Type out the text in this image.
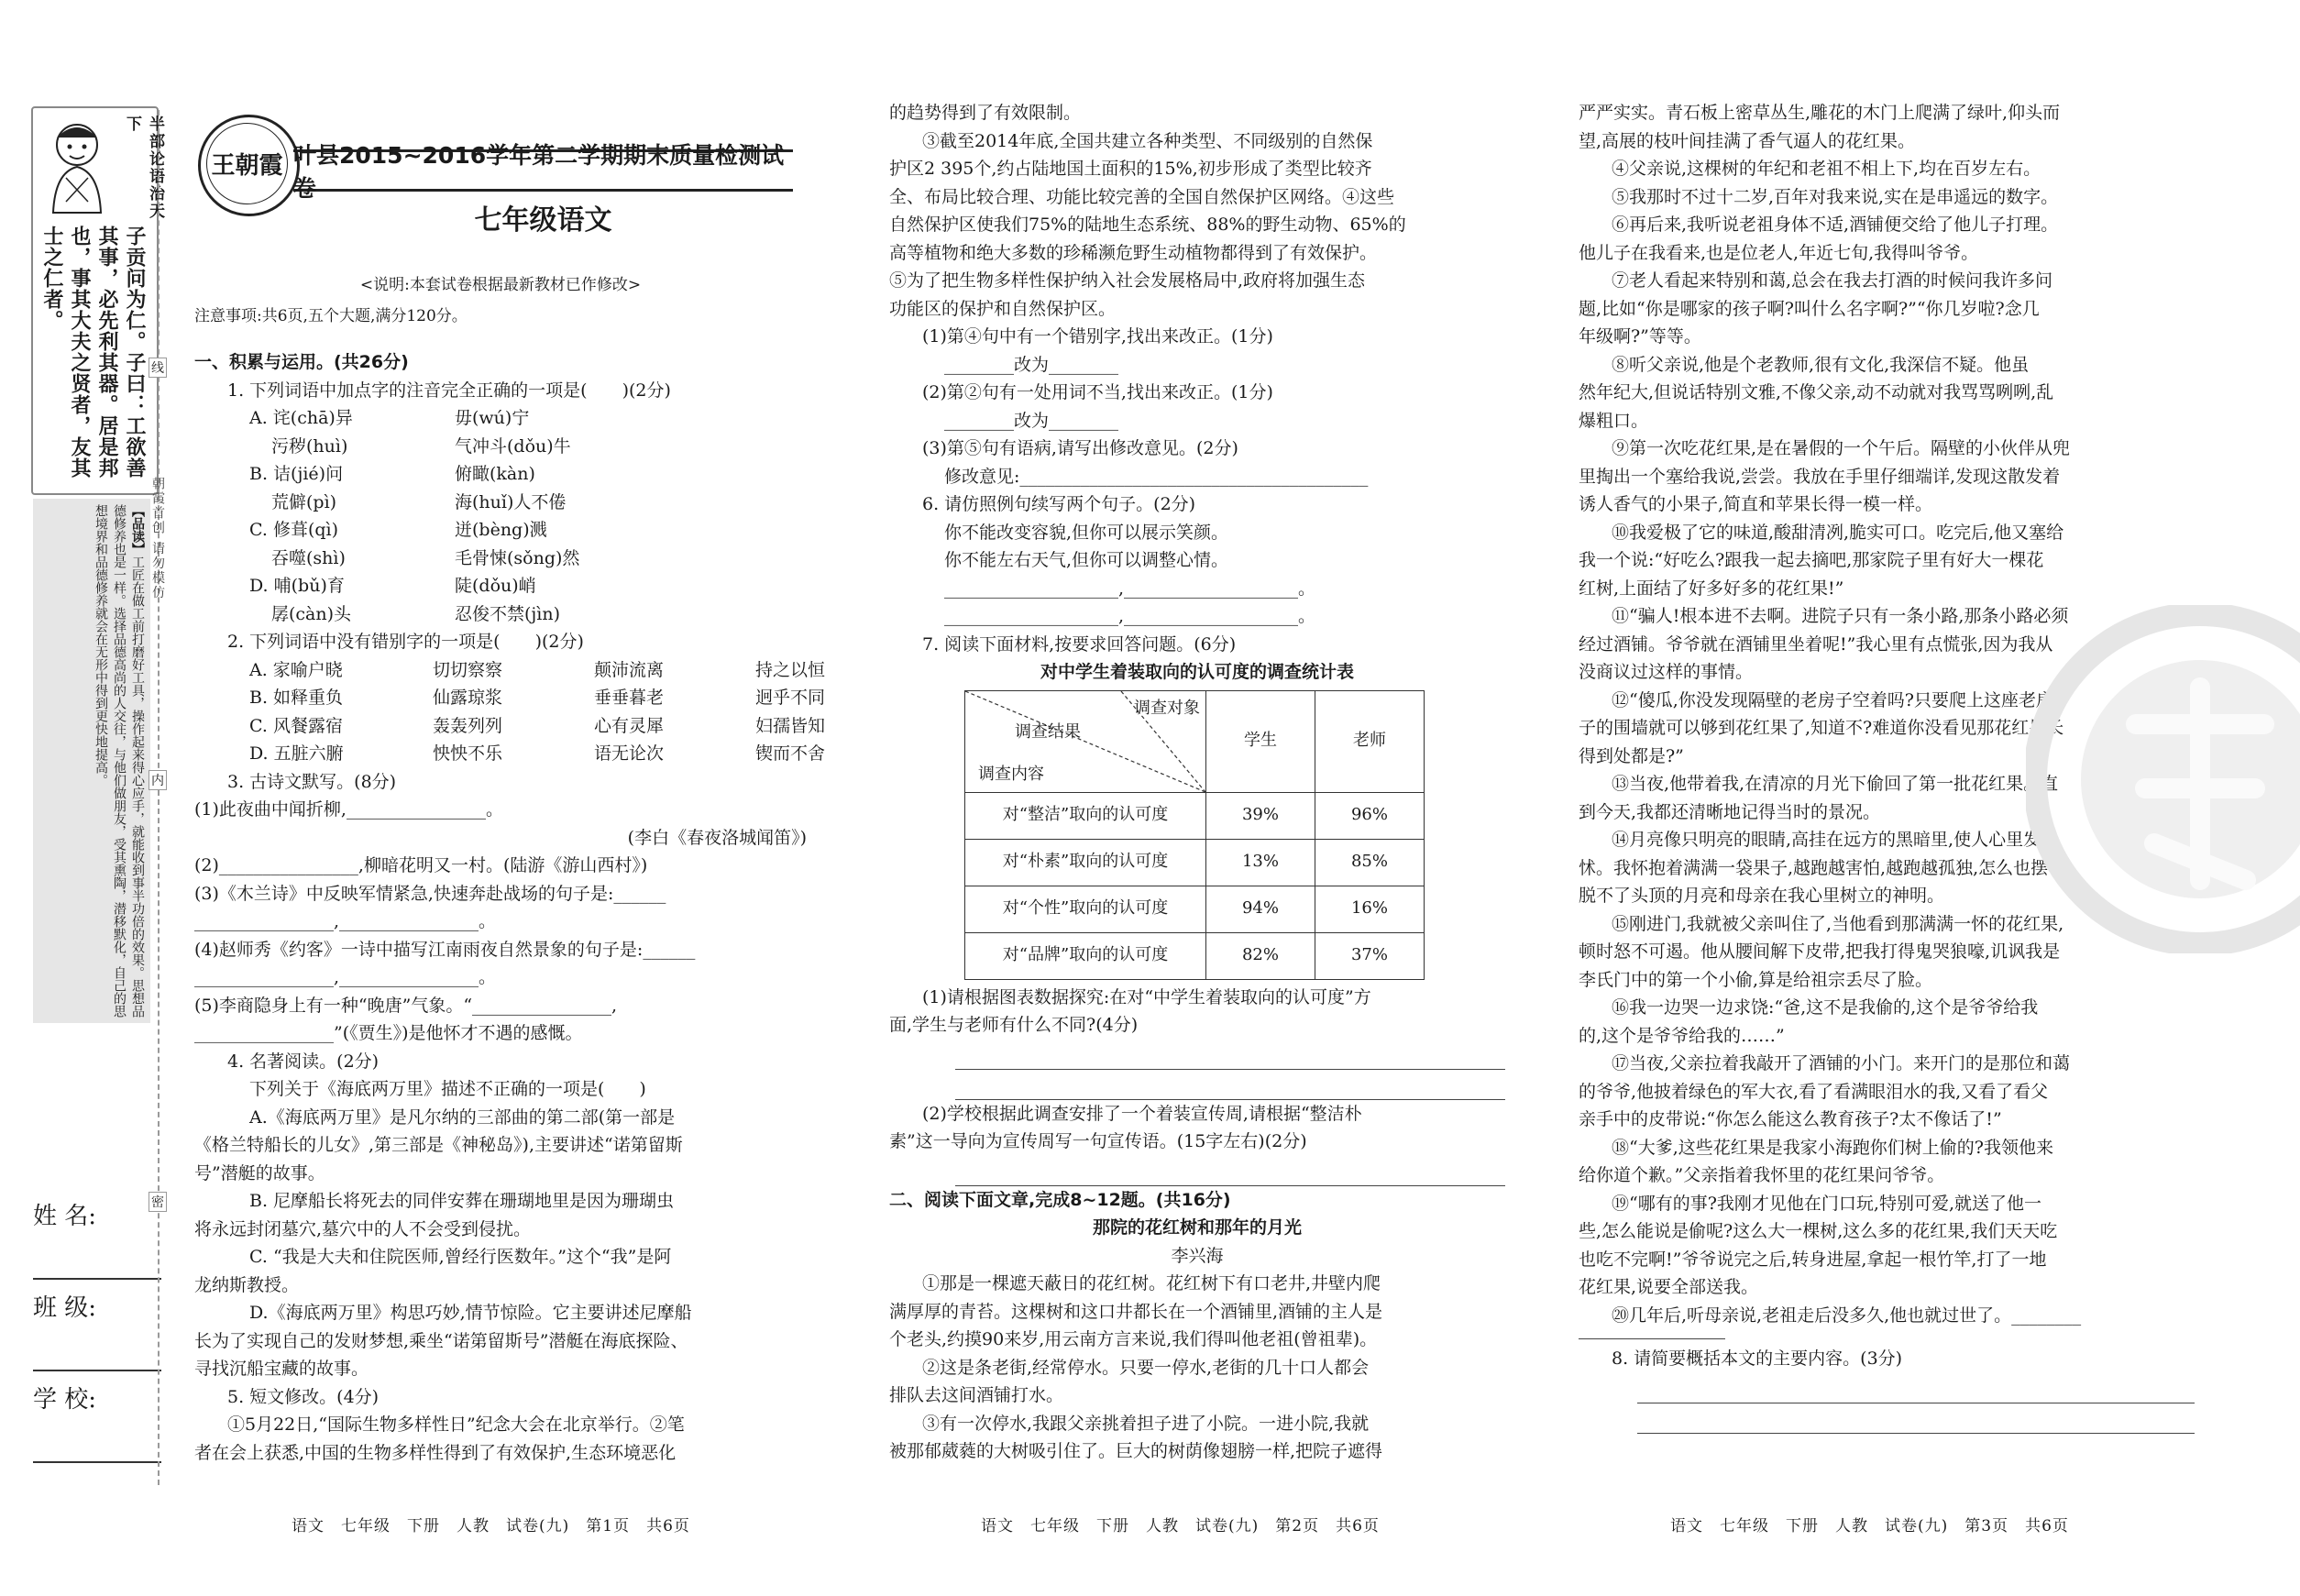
半部论语治天下
子贡问为仁。子曰：工欲善其事，必先利其器。居是邦也，事其大夫之贤者，友其士之仁者。
【品读】工匠在做工前打磨好工具，操作起来得心应手，就能收到事半功倍的效果。思想品德修养也是一样。选择品德高尚的人交往，与他们做朋友，受其熏陶，潜移默化，自己的思想境界和品德修养就会在无形中得到更快地提高。
姓 名:
班 级:
学 校:
线
内
密
朝霞首创 请勿模仿
王朝霞 叶县2015~2016学年第二学期期末质量检测试卷
七年级语文
<说明:本套试卷根据最新教材已作修改>
注意事项:共6页,五个大题,满分120分。

一、积累与运用。(共26分)

1. 下列词语中加点字的注音完全正确的一项是(　　)(2分)

A. 诧(chā)异	毋(wú)宁

污秽(huì)	气冲斗(dǒu)牛

B. 诘(jié)问	俯瞰(kàn)

荒僻(pì)	海(huǐ)人不倦

C. 修葺(qì)	迸(bèng)溅

吞噬(shì)	毛骨悚(sǒng)然

D. 哺(bǔ)育	陡(dǒu)峭

孱(càn)头	忍俊不禁(jìn)

2. 下列词语中没有错别字的一项是(　　)(2分)

A. 家喻户晓	切切察察	颠沛流离	持之以恒

B. 如释重负	仙露琼浆	垂垂暮老	迥乎不同

C. 风餐露宿	轰轰列列	心有灵犀	妇孺皆知

D. 五脏六腑	怏怏不乐	语无论次	锲而不舍

3. 古诗文默写。(8分)

(1)此夜曲中闻折柳,________________。

(李白《春夜洛城闻笛》)

(2)________________,柳暗花明又一村。(陆游《游山西村》)

(3)《木兰诗》中反映军情紧急,快速奔赴战场的句子是:______

________________,________________。

(4)赵师秀《约客》一诗中描写江南雨夜自然景象的句子是:______

________________,________________。

(5)李商隐身上有一种“晚唐”气象。“________________,

________________”(《贾生》)是他怀才不遇的感慨。

4. 名著阅读。(2分)

下列关于《海底两万里》描述不正确的一项是(　　)

A.《海底两万里》是凡尔纳的三部曲的第二部(第一部是

《格兰特船长的儿女》,第三部是《神秘岛》),主要讲述“诺第留斯

号”潜艇的故事。

B. 尼摩船长将死去的同伴安葬在珊瑚地里是因为珊瑚虫

将永远封闭墓穴,墓穴中的人不会受到侵扰。

C. “我是大夫和住院医师,曾经行医数年。”这个“我”是阿

龙纳斯教授。

D.《海底两万里》构思巧妙,情节惊险。它主要讲述尼摩船

长为了实现自己的发财梦想,乘坐“诺第留斯号”潜艇在海底探险、

寻找沉船宝藏的故事。

5. 短文修改。(4分)

①5月22日,“国际生物多样性日”纪念大会在北京举行。②笔

者在会上获悉,中国的生物多样性得到了有效保护,生态环境恶化

的趋势得到了有效限制。

③截至2014年底,全国共建立各种类型、不同级别的自然保

护区2 395个,约占陆地国土面积的15%,初步形成了类型比较齐

全、布局比较合理、功能比较完善的全国自然保护区网络。④这些

自然保护区使我们75%的陆地生态系统、88%的野生动物、65%的

高等植物和绝大多数的珍稀濒危野生动植物都得到了有效保护。

⑤为了把生物多样性保护纳入社会发展格局中,政府将加强生态

功能区的保护和自然保护区。

(1)第④句中有一个错别字,找出来改正。(1分)

________改为________

(2)第②句有一处用词不当,找出来改正。(1分)

________改为________

(3)第⑤句有语病,请写出修改意见。(2分)

修改意见:________________________________________

6. 请仿照例句续写两个句子。(2分)

你不能改变容貌,但你可以展示笑颜。

你不能左右天气,但你可以调整心情。

____________________,____________________。

____________________,____________________。

7. 阅读下面材料,按要求回答问题。(6分)

对中学生着装取向的认可度的调查统计表
调查对象
调查结果
调查内容	学生	老师
对“整洁”取向的认可度	39%	96%
对“朴素”取向的认可度	13%	85%
对“个性”取向的认可度	94%	16%
对“品牌”取向的认可度	82%	37%

(1)请根据图表数据探究:在对“中学生着装取向的认可度”方

面,学生与老师有什么不同?(4分)

(2)学校根据此调查安排了一个着装宣传周,请根据“整洁朴

素”这一导向为宣传周写一句宣传语。(15字左右)(2分)

二、阅读下面文章,完成8~12题。(共16分)

那院的花红树和那年的月光

李兴海

①那是一棵遮天蔽日的花红树。花红树下有口老井,井壁内爬

满厚厚的青苔。这棵树和这口井都长在一个酒铺里,酒铺的主人是

个老头,约摸90来岁,用云南方言来说,我们得叫他老祖(曾祖辈)。

②这是条老街,经常停水。只要一停水,老街的几十口人都会

排队去这间酒铺打水。

③有一次停水,我跟父亲挑着担子进了小院。一进小院,我就

被那郁葳蕤的大树吸引住了。巨大的树荫像翅膀一样,把院子遮得

严严实实。青石板上密草丛生,雕花的木门上爬满了绿叶,仰头而

望,高展的枝叶间挂满了香气逼人的花红果。

④父亲说,这棵树的年纪和老祖不相上下,均在百岁左右。

⑤我那时不过十二岁,百年对我来说,实在是串遥远的数字。

⑥再后来,我听说老祖身体不适,酒铺便交给了他儿子打理。

他儿子在我看来,也是位老人,年近七旬,我得叫爷爷。

⑦老人看起来特别和蔼,总会在我去打酒的时候问我许多问

题,比如“你是哪家的孩子啊?叫什么名字啊?”“你几岁啦?念几

年级啊?”等等。

⑧听父亲说,他是个老教师,很有文化,我深信不疑。他虽

然年纪大,但说话特别文雅,不像父亲,动不动就对我骂骂咧咧,乱

爆粗口。

⑨第一次吃花红果,是在暑假的一个午后。隔壁的小伙伴从兜

里掏出一个塞给我说,尝尝。我放在手里仔细端详,发现这散发着

诱人香气的小果子,简直和苹果长得一模一样。

⑩我爱极了它的味道,酸甜清冽,脆实可口。吃完后,他又塞给

我一个说:“好吃么?跟我一起去摘吧,那家院子里有好大一棵花

红树,上面结了好多好多的花红果!”

⑪“骗人!根本进不去啊。进院子只有一条小路,那条小路必须

经过酒铺。爷爷就在酒铺里坐着呢!”我心里有点慌张,因为我从

没商议过这样的事情。

⑫“傻瓜,你没发现隔壁的老房子空着吗?只要爬上这座老房

子的围墙就可以够到花红果了,知道不?难道你没看见那花红果长

得到处都是?”

⑬当夜,他带着我,在清凉的月光下偷回了第一批花红果。直

到今天,我都还清晰地记得当时的景况。

⑭月亮像只明亮的眼睛,高挂在远方的黑暗里,使人心里发

怵。我怀抱着满满一袋果子,越跑越害怕,越跑越孤独,怎么也摆

脱不了头顶的月亮和母亲在我心里树立的神明。

⑮刚进门,我就被父亲叫住了,当他看到那满满一怀的花红果,

顿时怒不可遏。他从腰间解下皮带,把我打得鬼哭狼嚎,讥讽我是

李氏门中的第一个小偷,算是给祖宗丢尽了脸。

⑯我一边哭一边求饶:“爸,这不是我偷的,这个是爷爷给我

的,这个是爷爷给我的……”

⑰当夜,父亲拉着我敲开了酒铺的小门。来开门的是那位和蔼

的爷爷,他披着绿色的军大衣,看了看满眼泪水的我,又看了看父

亲手中的皮带说:“你怎么能这么教育孩子?太不像话了!”

⑱“大爹,这些花红果是我家小海跑你们树上偷的?我领他来

给你道个歉。”父亲指着我怀里的花红果问爷爷。

⑲“哪有的事?我刚才见他在门口玩,特别可爱,就送了他一

些,怎么能说是偷呢?这么大一棵树,这么多的花红果,我们天天吃

也吃不完啊!”爷爷说完之后,转身进屋,拿起一根竹竿,打了一地

花红果,说要全部送我。

⑳几年后,听母亲说,老祖走后没多久,他也就过世了。________

8. 请简要概括本文的主要内容。(3分)

语文　七年级　下册　人教　试卷(九)　第1页　共6页	语文　七年级　下册　人教　试卷(九)　第2页　共6页	语文　七年级　下册　人教　试卷(九)　第3页　共6页
